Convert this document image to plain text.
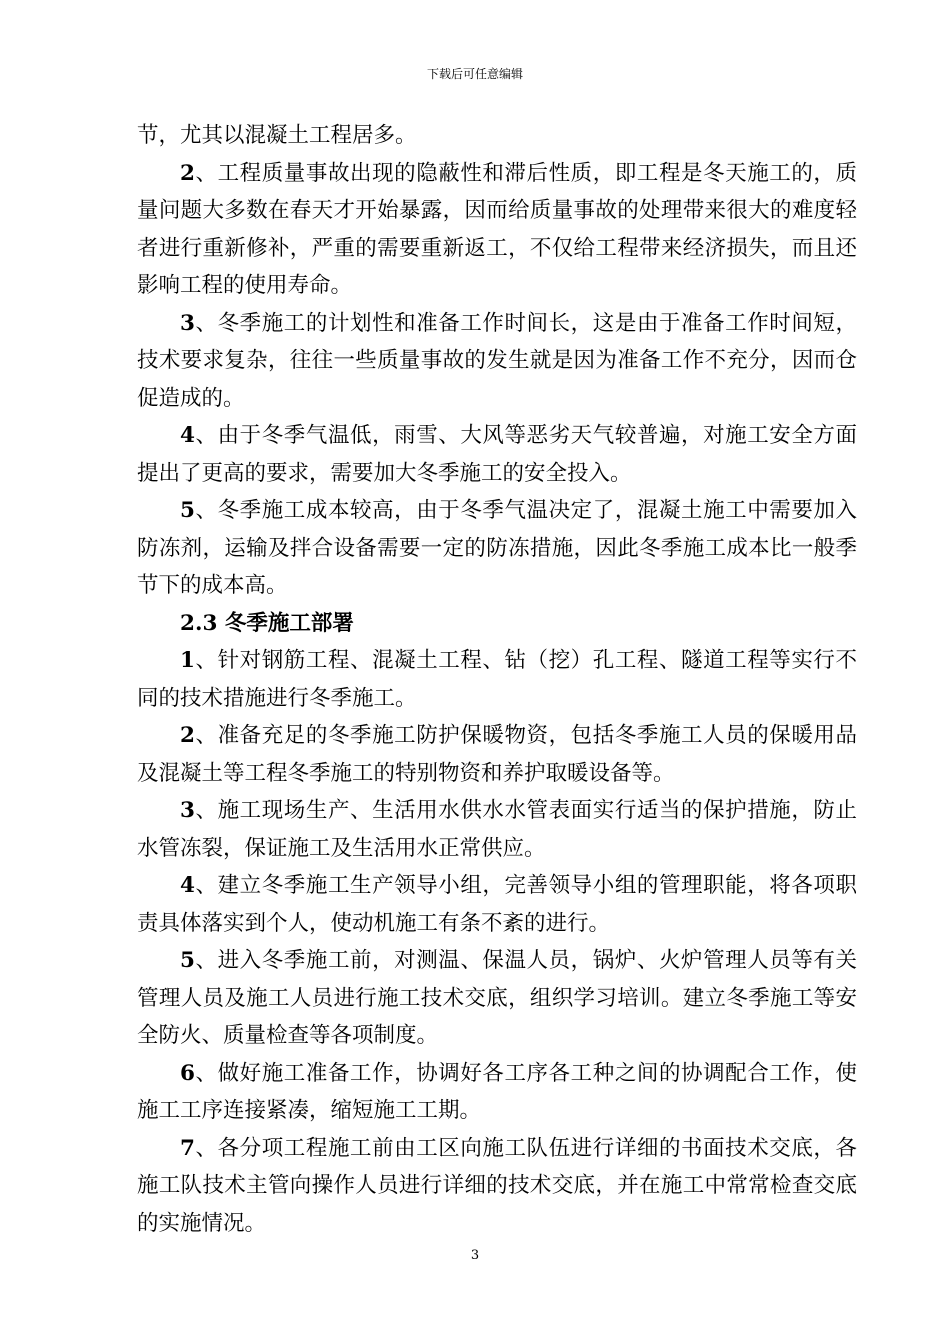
下载后可任意编辑

节，尤其以混凝土工程居多。

2、工程质量事故出现的隐蔽性和滞后性质，即工程是冬天施工的，质量问题大多数在春天才开始暴露，因而给质量事故的处理带来很大的难度轻者进行重新修补，严重的需要重新返工，不仅给工程带来经济损失，而且还影响工程的使用寿命。

3、冬季施工的计划性和准备工作时间长，这是由于准备工作时间短，技术要求复杂，往往一些质量事故的发生就是因为准备工作不充分，因而仓促造成的。

4、由于冬季气温低，雨雪、大风等恶劣天气较普遍，对施工安全方面提出了更高的要求，需要加大冬季施工的安全投入。

5、冬季施工成本较高，由于冬季气温决定了，混凝土施工中需要加入防冻剂，运输及拌合设备需要一定的防冻措施，因此冬季施工成本比一般季节下的成本高。

2.3 冬季施工部署

1、针对钢筋工程、混凝土工程、钻（挖）孔工程、隧道工程等实行不同的技术措施进行冬季施工。

2、准备充足的冬季施工防护保暖物资，包括冬季施工人员的保暖用品及混凝土等工程冬季施工的特别物资和养护取暖设备等。

3、施工现场生产、生活用水供水水管表面实行适当的保护措施，防止水管冻裂，保证施工及生活用水正常供应。

4、建立冬季施工生产领导小组，完善领导小组的管理职能，将各项职责具体落实到个人，使动机施工有条不紊的进行。

5、进入冬季施工前，对测温、保温人员，锅炉、火炉管理人员等有关管理人员及施工人员进行施工技术交底，组织学习培训。建立冬季施工等安全防火、质量检查等各项制度。

6、做好施工准备工作，协调好各工序各工种之间的协调配合工作，使施工工序连接紧凑，缩短施工工期。

7、各分项工程施工前由工区向施工队伍进行详细的书面技术交底，各施工队技术主管向操作人员进行详细的技术交底，并在施工中常常检查交底的实施情况。

3
